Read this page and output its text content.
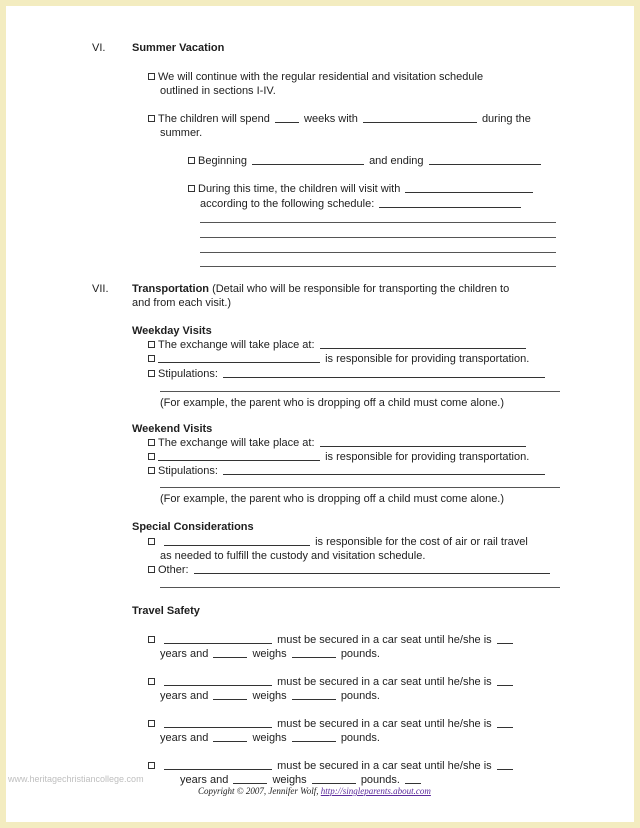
VI. Summer Vacation
We will continue with the regular residential and visitation schedule
outlined in sections I-IV.
The children will spend	weeks with	during the
summer.
Beginning	and ending
During this time, the children will visit with
according to the following schedule:
VII. Transportation (Detail who will be responsible for transporting the children to
and from each visit.)
Weekday Visits
The exchange will take place at:
is responsible for providing transportation.
Stipulations:
(For example, the parent who is dropping off a child must come alone.)
Weekend Visits
The exchange will take place at:
is responsible for providing transportation.
Stipulations:
(For example, the parent who is dropping off a child must come alone.)
Special Considerations
is responsible for the cost of air or rail travel
as needed to fulfill the custody and visitation schedule.
Other:
Travel Safety
must be secured in a car seat until he/she is
years and	weighs	pounds.
must be secured in a car seat until he/she is
years and	weighs	pounds.
must be secured in a car seat until he/she is
years and	weighs	pounds.
must be secured in a car seat until he/she is
years and	weighs	pounds.
www.heritagechristiancollege.com
Copyright © 2007, Jennifer Wolf, http://singleparents.about.com
